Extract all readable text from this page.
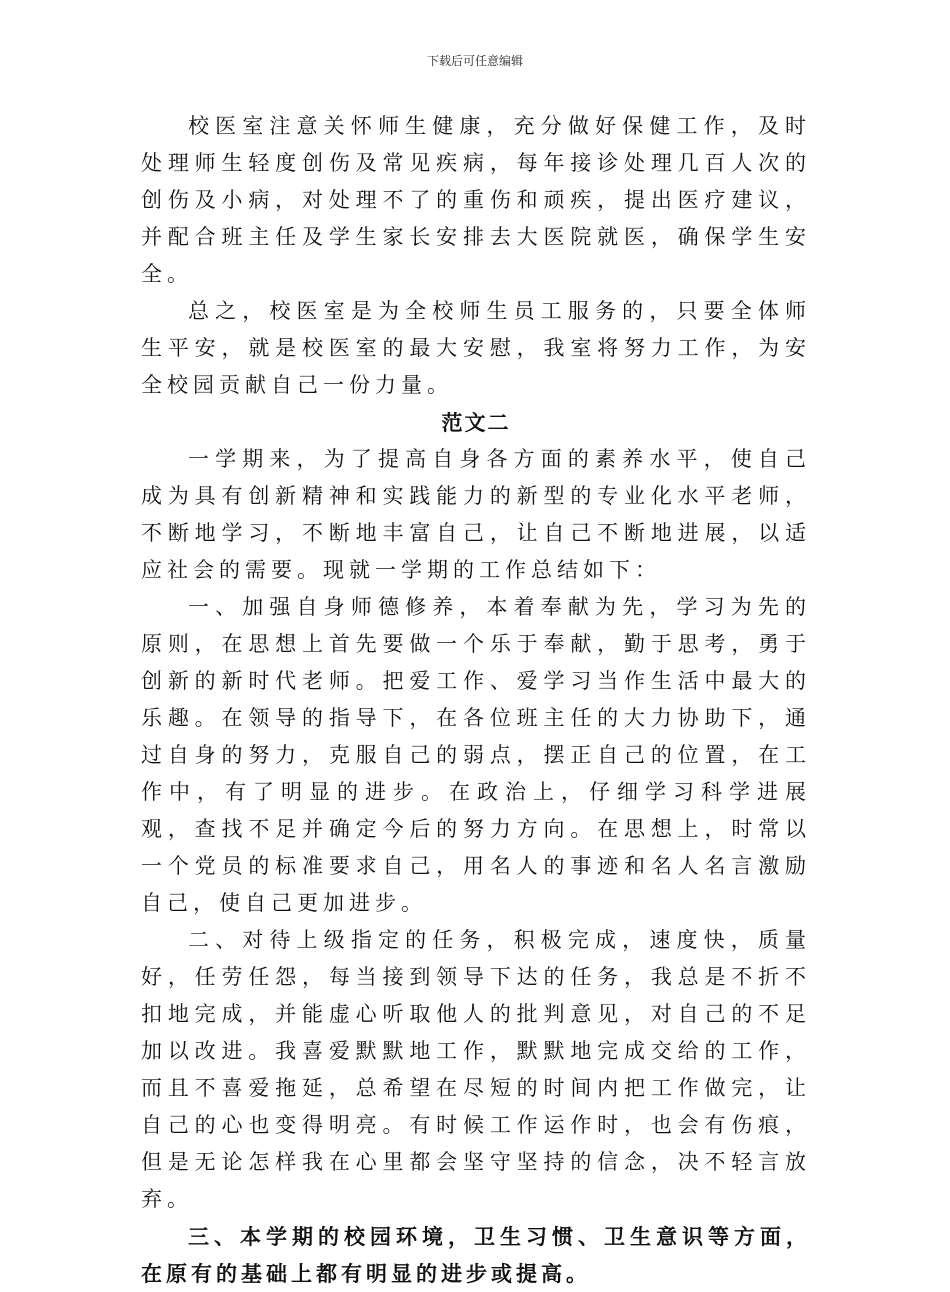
下载后可任意编辑

校医室注意关怀师生健康，充分做好保健工作，及时处理师生轻度创伤及常见疾病，每年接诊处理几百人次的创伤及小病，对处理不了的重伤和顽疾，提出医疗建议，并配合班主任及学生家长安排去大医院就医，确保学生安全。

总之，校医室是为全校师生员工服务的，只要全体师生平安，就是校医室的最大安慰，我室将努力工作，为安全校园贡献自己一份力量。

范文二

一学期来，为了提高自身各方面的素养水平，使自己成为具有创新精神和实践能力的新型的专业化水平老师，不断地学习，不断地丰富自己，让自己不断地进展，以适应社会的需要。现就一学期的工作总结如下：

一、加强自身师德修养，本着奉献为先，学习为先的原则，在思想上首先要做一个乐于奉献，勤于思考，勇于创新的新时代老师。把爱工作、爱学习当作生活中最大的乐趣。在领导的指导下，在各位班主任的大力协助下，通过自身的努力，克服自己的弱点，摆正自己的位置，在工作中，有了明显的进步。在政治上，仔细学习科学进展观，查找不足并确定今后的努力方向。在思想上，时常以一个党员的标准要求自己，用名人的事迹和名人名言激励自己，使自己更加进步。

二、对待上级指定的任务，积极完成，速度快，质量好，任劳任怨，每当接到领导下达的任务，我总是不折不扣地完成，并能虚心听取他人的批判意见，对自己的不足加以改进。我喜爱默默地工作，默默地完成交给的工作，而且不喜爱拖延，总希望在尽短的时间内把工作做完，让自己的心也变得明亮。有时候工作运作时，也会有伤痕，但是无论怎样我在心里都会坚守坚持的信念，决不轻言放弃。

三、本学期的校园环境，卫生习惯、卫生意识等方面，在原有的基础上都有明显的进步或提高。
